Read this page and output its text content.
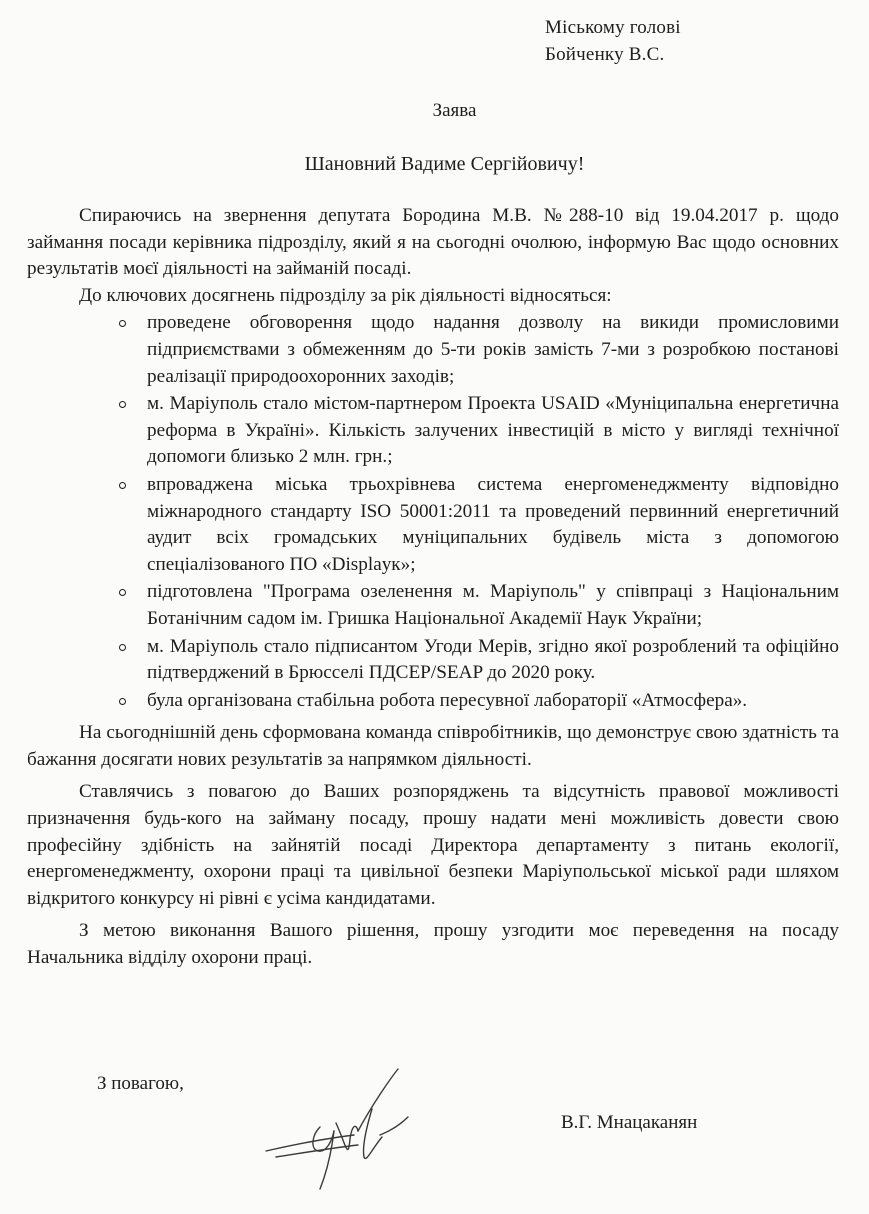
Міському голові
Бойченку В.С.
Заява
Шановний Вадиме Сергійовичу!

Спираючись на звернення депутата Бородина М.В. №288-10 від 19.04.2017 р. щодо займання посади керівника підрозділу, який я на сьогодні очолюю, інформую Вас щодо основних результатів моєї діяльності на займаній посаді.

До ключових досягнень підрозділу за рік діяльності відносяться:

проведене обговорення щодо надання дозволу на викиди промисловими підприємствами з обмеженням до 5-ти років замість 7-ми з розробкою постанові реалізації природоохоронних заходів;
м. Маріуполь стало містом-партнером Проекта USAID «Муніципальна енергетична реформа в Україні». Кількість залучених інвестицій в місто у вигляді технічної допомоги близько 2 млн. грн.;
впроваджена міська трьохрівнева система енергоменеджменту відповідно міжнародного стандарту ISO 50001:2011 та проведений первинний енергетичний аудит всіх громадських муніципальних будівель міста з допомогою спеціалізованого ПО «Displayк»;
підготовлена "Програма озеленення м. Маріуполь" у співпраці з Національним Ботанічним садом ім. Гришка Національної Академії Наук України;
м. Маріуполь стало підписантом Угоди Мерів, згідно якої розроблений та офіційно підтверджений в Брюсселі ПДСЕР/SEAP до 2020 року.
була організована стабільна робота пересувної лабораторії «Атмосфера».

На сьогоднішній день сформована команда співробітників, що демонструє свою здатність та бажання досягати нових результатів за напрямком діяльності.

Ставлячись з повагою до Ваших розпоряджень та відсутність правової можливості призначення будь-кого на займану посаду, прошу надати мені можливість довести свою професійну здібність на зайнятій посаді Директора департаменту з питань екології, енергоменеджменту, охорони праці та цивільної безпеки Маріупольської міської ради шляхом відкритого конкурсу ні рівні є усіма кандидатами.

З метою виконання Вашого рішення, прошу узгодити моє переведення на посаду Начальника відділу охорони праці.

З повагою,
В.Г. Мнацаканян
